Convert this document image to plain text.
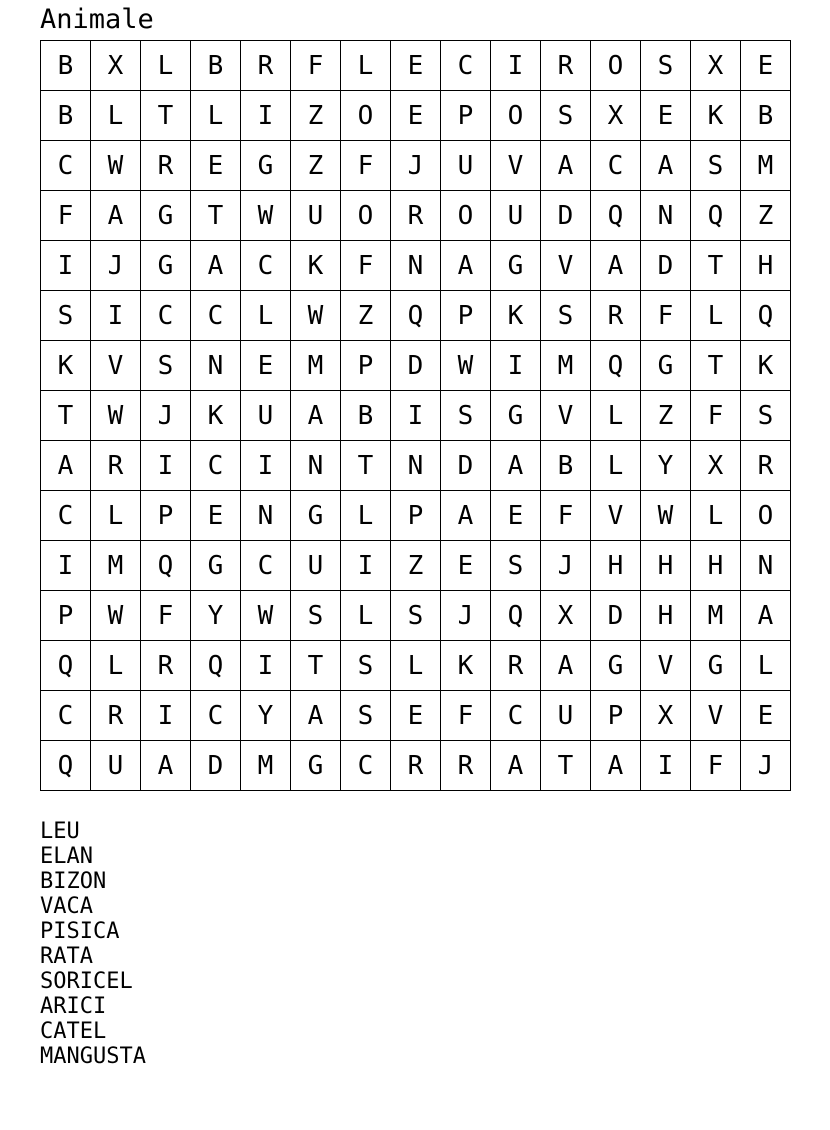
Animale
B	X	L	B	R	F	L	E	C	I	R	O	S	X	E
B	L	T	L	I	Z	O	E	P	O	S	X	E	K	B
C	W	R	E	G	Z	F	J	U	V	A	C	A	S	M
F	A	G	T	W	U	O	R	O	U	D	Q	N	Q	Z
I	J	G	A	C	K	F	N	A	G	V	A	D	T	H
S	I	C	C	L	W	Z	Q	P	K	S	R	F	L	Q
K	V	S	N	E	M	P	D	W	I	M	Q	G	T	K
T	W	J	K	U	A	B	I	S	G	V	L	Z	F	S
A	R	I	C	I	N	T	N	D	A	B	L	Y	X	R
C	L	P	E	N	G	L	P	A	E	F	V	W	L	O
I	M	Q	G	C	U	I	Z	E	S	J	H	H	H	N
P	W	F	Y	W	S	L	S	J	Q	X	D	H	M	A
Q	L	R	Q	I	T	S	L	K	R	A	G	V	G	L
C	R	I	C	Y	A	S	E	F	C	U	P	X	V	E
Q	U	A	D	M	G	C	R	R	A	T	A	I	F	J
LEU
ELAN
BIZON
VACA
PISICA
RATA
SORICEL
ARICI
CATEL
MANGUSTA
